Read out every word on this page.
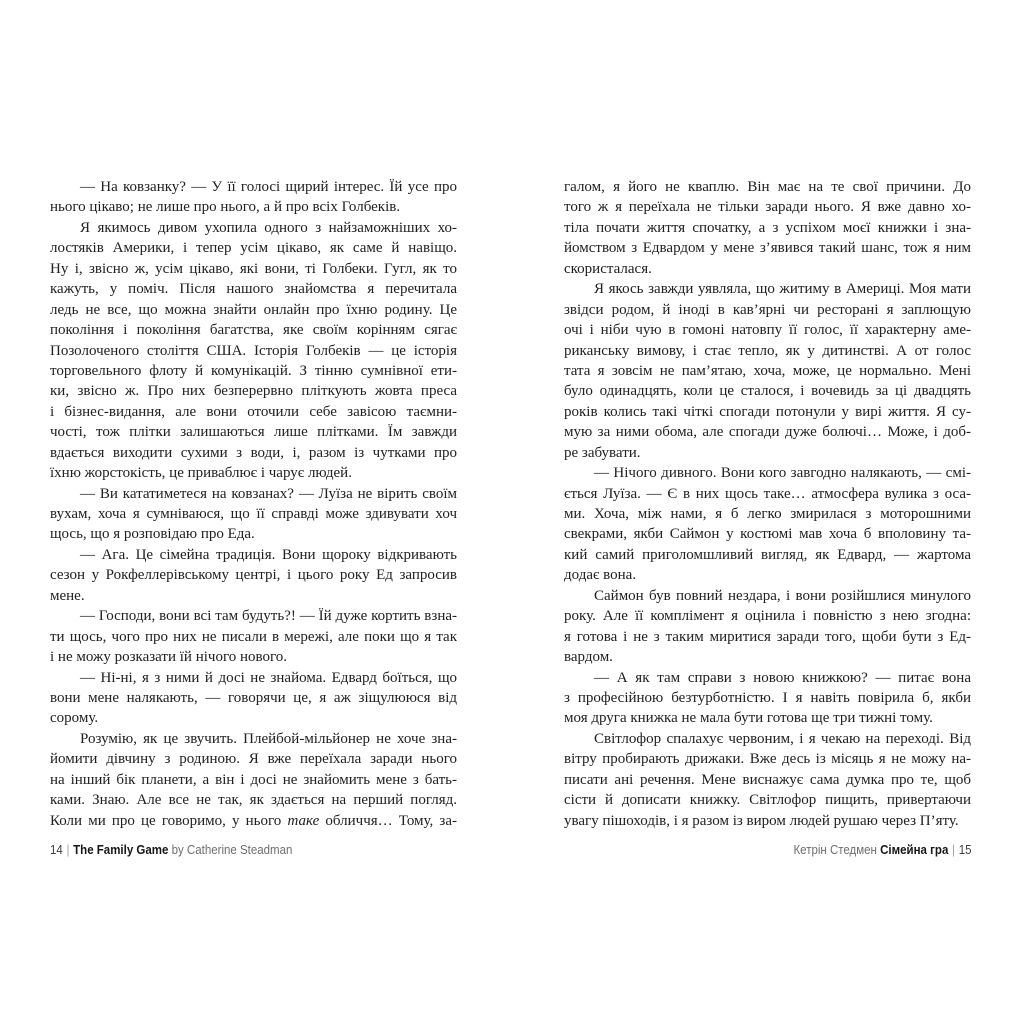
— На ковзанку? — У її голосі щирий інтерес. Їй усе про
нього цікаво; не лише про нього, а й про всіх Голбеків.
Я якимось дивом ухопила одного з найзаможніших хо-
лостяків Америки, і тепер усім цікаво, як саме й навіщо.
Ну і, звісно ж, усім цікаво, які вони, ті Голбеки. Гугл, як то
кажуть, у поміч. Після нашого знайомства я перечитала
ледь не все, що можна знайти онлайн про їхню родину. Це
покоління і покоління багатства, яке своїм корінням сягає
Позолоченого століття США. Історія Голбеків — це історія
торговельного флоту й комунікацій. З тінню сумнівної ети-
ки, звісно ж. Про них безперервно пліткують жовта преса
і бізнес-видання, але вони оточили себе завісою таємни-
чості, тож плітки залишаються лише плітками. Їм завжди
вдається виходити сухими з води, і, разом із чутками про
їхню жорстокість, це приваблює і чарує людей.
— Ви кататиметеся на ковзанах? — Луїза не вірить своїм
вухам, хоча я сумніваюся, що її справді може здивувати хоч
щось, що я розповідаю про Еда.
— Ага. Це сімейна традиція. Вони щороку відкривають
сезон у Рокфеллерівському центрі, і цього року Ед запросив
мене.
— Господи, вони всі там будуть?! — Їй дуже кортить взна-
ти щось, чого про них не писали в мережі, але поки що я так
і не можу розказати їй нічого нового.
— Ні-ні, я з ними й досі не знайома. Едвард боїться, що
вони мене налякають, — говорячи це, я аж зіщулююся від
сорому.
Розумію, як це звучить. Плейбой-мільйонер не хоче зна-
йомити дівчину з родиною. Я вже переїхала заради нього
на інший бік планети, а він і досі не знайомить мене з бать-
ками. Знаю. Але все не так, як здається на перший погляд.
Коли ми про це говоримо, у нього таке обличчя… Тому, за-
галом, я його не кваплю. Він має на те свої причини. До
того ж я переїхала не тільки заради нього. Я вже давно хо-
тіла почати життя спочатку, а з успіхом моєї книжки і зна-
йомством з Едвардом у мене з’явився такий шанс, тож я ним
скористалася.
Я якось завжди уявляла, що житиму в Америці. Моя мати
звідси родом, й іноді в кав’ярні чи ресторані я заплющую
очі і ніби чую в гомоні натовпу її голос, її характерну аме-
риканську вимову, і стає тепло, як у дитинстві. А от голос
тата я зовсім не пам’ятаю, хоча, може, це нормально. Мені
було одинадцять, коли це сталося, і вочевидь за ці двадцять
років колись такі чіткі спогади потонули у вирі життя. Я су-
мую за ними обома, але спогади дуже болючі… Може, і доб-
ре забувати.
— Нічого дивного. Вони кого завгодно налякають, — смі-
ється Луїза. — Є в них щось таке… атмосфера вулика з оса-
ми. Хоча, між нами, я б легко змирилася з моторошними
свекрами, якби Саймон у костюмі мав хоча б вполовину та-
кий самий приголомшливий вигляд, як Едвард, — жартома
додає вона.
Саймон був повний нездара, і вони розійшлися минулого
року. Але її комплімент я оцінила і повністю з нею згодна:
я готова і не з таким миритися заради того, щоби бути з Ед-
вардом.
— А як там справи з новою книжкою? — питає вона
з професійною безтурботністю. І я навіть повірила б, якби
моя друга книжка не мала бути готова ще три тижні тому.
Світлофор спалахує червоним, і я чекаю на переході. Від
вітру пробирають дрижаки. Вже десь із місяць я не можу на-
писати ані речення. Мене виснажує сама думка про те, щоб
сісти й дописати книжку. Світлофор пищить, привертаючи
увагу пішоходів, і я разом із виром людей рушаю через П’яту.
14 | The Family Game by Catherine Steadman	Кетрін Стедмен Сімейна гра | 15
